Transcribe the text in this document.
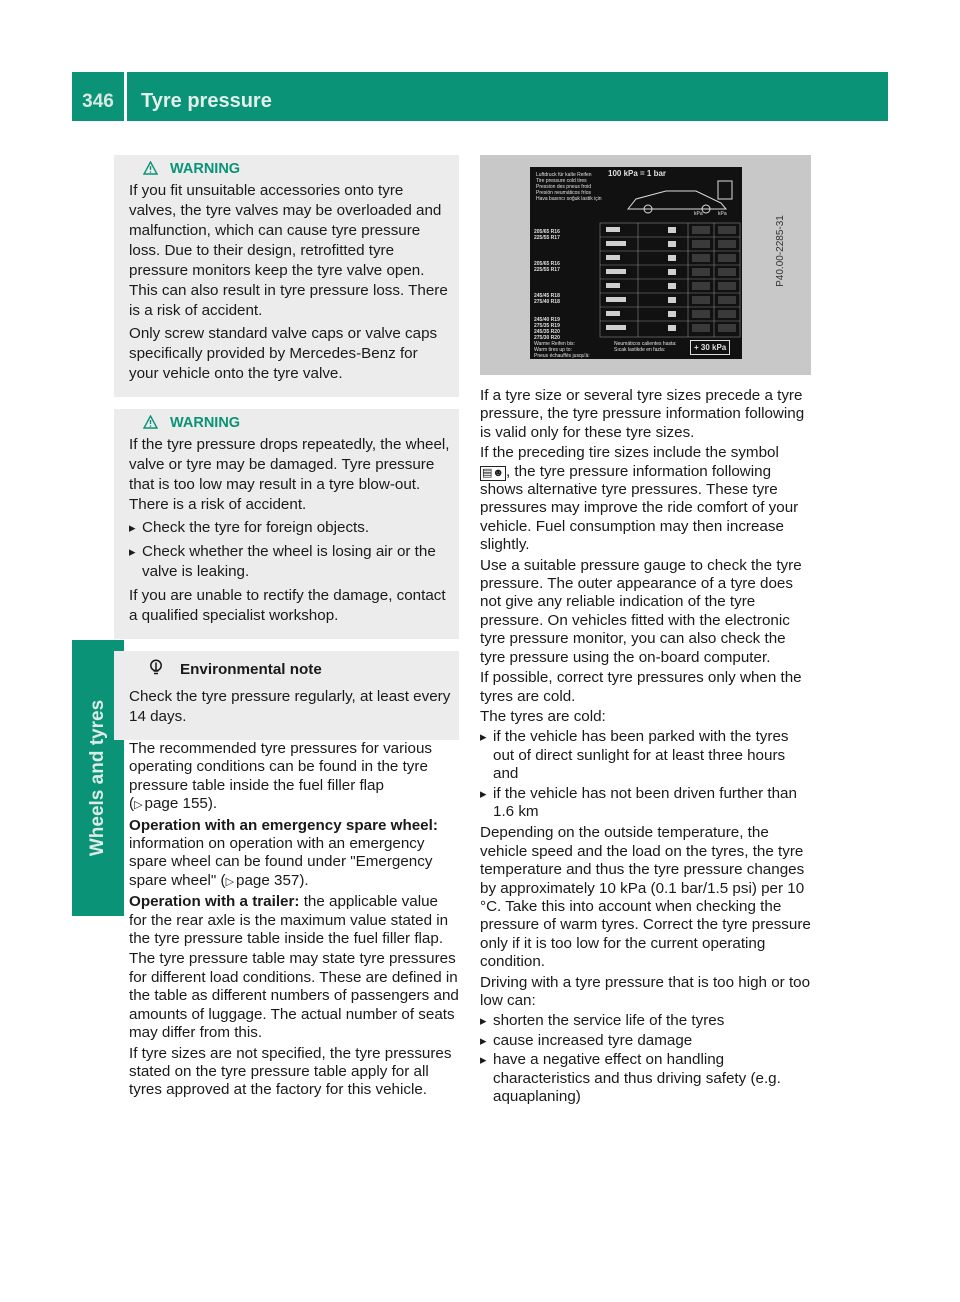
346	Tyre pressure
Wheels and tyres
WARNING

If you fit unsuitable accessories onto tyre valves, the tyre valves may be overloaded and malfunction, which can cause tyre pressure loss. Due to their design, retrofitted tyre pressure monitors keep the tyre valve open. This can also result in tyre pressure loss. There is a risk of accident.

Only screw standard valve caps or valve caps specifically provided by Mercedes-Benz for your vehicle onto the tyre valve.

WARNING

If the tyre pressure drops repeatedly, the wheel, valve or tyre may be damaged. Tyre pressure that is too low may result in a tyre blow-out. There is a risk of accident.

▸ Check the tyre for foreign objects.
▸ Check whether the wheel is losing air or the valve is leaking.

If you are unable to rectify the damage, contact a qualified specialist workshop.

Environmental note

Check the tyre pressure regularly, at least every 14 days.

The recommended tyre pressures for various operating conditions can be found in the tyre pressure table inside the fuel filler flap
(▷ page 155).

Operation with an emergency spare wheel: information on operation with an emergency spare wheel can be found under "Emergency spare wheel" (▷ page 357).

Operation with a trailer: the applicable value for the rear axle is the maximum value stated in the tyre pressure table inside the fuel filler flap.

The tyre pressure table may state tyre pressures for different load conditions. These are defined in the table as different numbers of passengers and amounts of luggage. The actual number of seats may differ from this.

If tyre sizes are not specified, the tyre pressures stated on the tyre pressure table apply for all tyres approved at the factory for this vehicle.

Luftdruck für kalte Reifen
Tire pressure cold tires
Pression des pneus froid
Presión neumáticos fríos
Hava basıncı soğuk lastik için
100 kPa = 1 bar
kPa	kPa
205/65 R16
225/55 R17
205/65 R16
225/55 R17
245/45 R18
275/40 R18
245/40 R19
275/35 R19
245/35 R20
275/30 R20
Warme Reifen bis:
Warm tires up to:
Pneus échauffés jusqu'à:
Neumáticos calientes hasta:
Sıcak lastikde en fazla:	+ 30 kPa
P40.00-2285-31

If a tyre size or several tyre sizes precede a tyre pressure, the tyre pressure information following is valid only for these tyre sizes.

If the preceding tire sizes include the symbol
▤☻ , the tyre pressure information following shows alternative tyre pressures. These tyre pressures may improve the ride comfort of your vehicle. Fuel consumption may then increase slightly.

Use a suitable pressure gauge to check the tyre pressure. The outer appearance of a tyre does not give any reliable indication of the tyre pressure. On vehicles fitted with the electronic tyre pressure monitor, you can also check the tyre pressure using the on-board computer.

If possible, correct tyre pressures only when the tyres are cold.

The tyres are cold:

▸ if the vehicle has been parked with the tyres out of direct sunlight for at least three hours and
▸ if the vehicle has not been driven further than 1.6 km

Depending on the outside temperature, the vehicle speed and the load on the tyres, the tyre temperature and thus the tyre pressure changes by approximately 10 kPa (0.1 bar/1.5 psi) per 10 °C. Take this into account when checking the pressure of warm tyres. Correct the tyre pressure only if it is too low for the current operating condition.

Driving with a tyre pressure that is too high or too low can:

▸ shorten the service life of the tyres
▸ cause increased tyre damage
▸ have a negative effect on handling characteristics and thus driving safety (e.g. aquaplaning)
